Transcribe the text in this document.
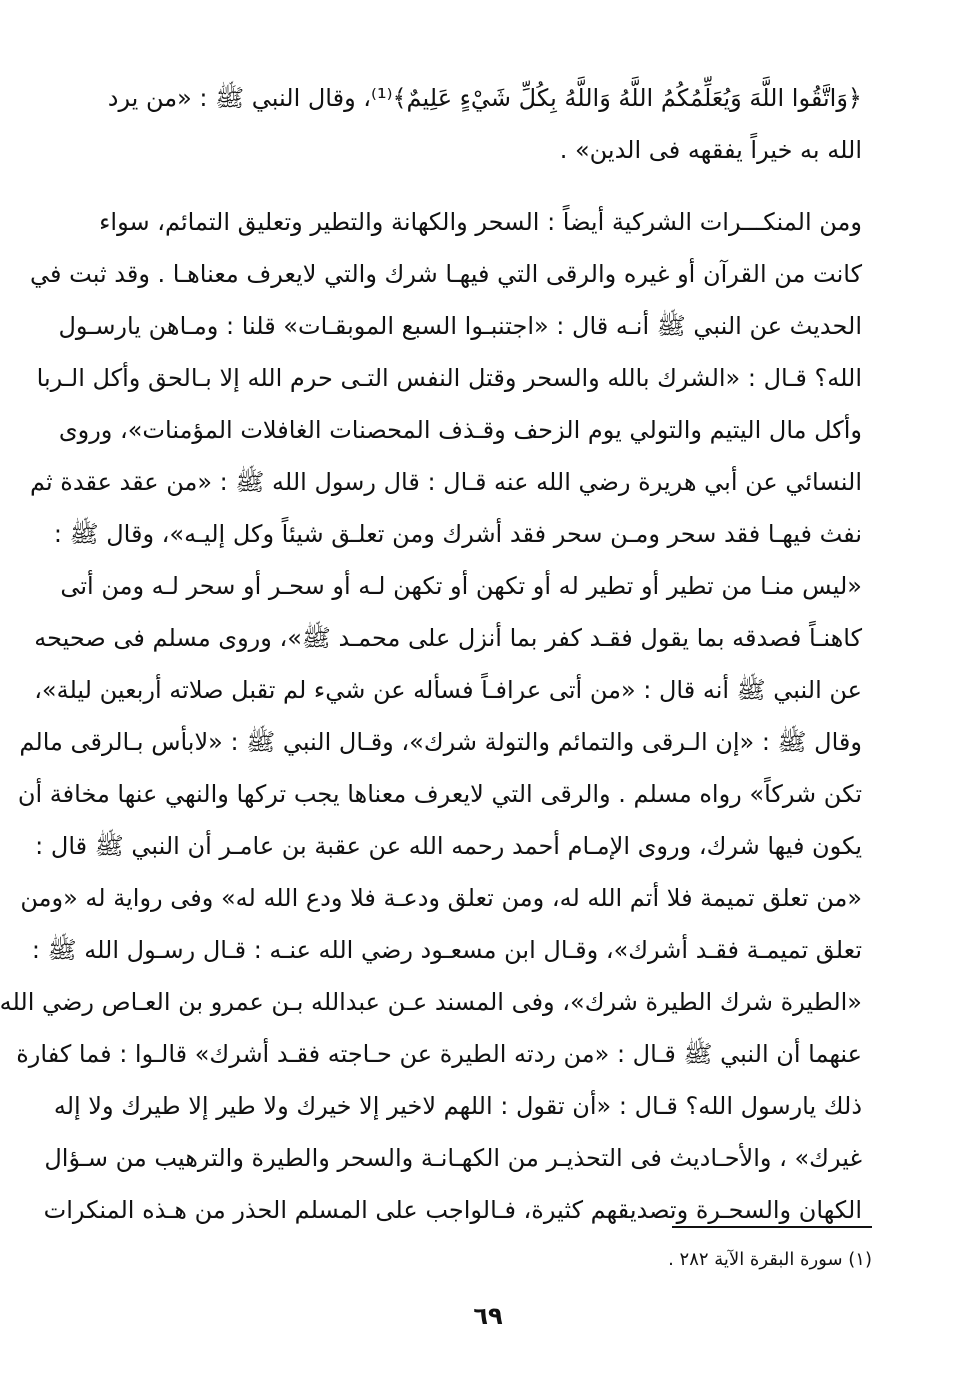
﴿وَاتَّقُوا اللَّهَ وَيُعَلِّمُكُمُ اللَّهُ وَاللَّهُ بِكُلِّ شَيْءٍ عَلِيمٌ﴾⁽¹⁾، وقال النبي ﷺ : «من يرد
الله به خيراً يفقهه فى الدين» .
ومن المنكـــرات الشركية أيضاً : السحر والكهانة والتطير وتعليق التمائم، سواء
كانت من القرآن أو غيره والرقى التي فيهـا شرك والتي لايعرف معناهـا . وقد ثبت في
الحديث عن النبي ﷺ أنـه قال : «اجتنبـوا السبع الموبقـات» قلنا : ومـاهن يارسـول
الله؟ قـال : «الشرك بالله والسحر وقتل النفس التـى حرم الله إلا بـالحق وأكل الـربا
وأكل مال اليتيم والتولي يوم الزحف وقـذف المحصنات الغافلات المؤمنات»، وروى
النسائي عن أبي هريرة رضي الله عنه قـال : قال رسول الله ﷺ : «من عقد عقدة ثم
نفث فيهـا فقد سحر ومـن سحر فقد أشرك ومن تعلـق شيئاً وكل إليـه»، وقال ﷺ :
«ليس منـا من تطير أو تطير له أو تكهن أو تكهن لـه أو سحـر أو سحر لـه ومن أتى
كاهنـاً فصدقه بما يقول فقـد كفر بما أنزل على محمـد ﷺ»، وروى مسلم فى صحيحه
عن النبي ﷺ أنه قال : «من أتى عرافـاً فسأله عن شيء لم تقبل صلاته أربعين ليلة»،
وقال ﷺ : «إن الـرقى والتمائم والتولة شرك»، وقـال النبي ﷺ : «لابأس بـالرقى مالم
تكن شركاً» رواه مسلم . والرقى التي لايعرف معناها يجب تركها والنهي عنها مخافة أن
يكون فيها شرك، وروى الإمـام أحمد رحمه الله عن عقبة بن عامـر أن النبي ﷺ قال :
«من تعلق تميمة فلا أتم الله له، ومن تعلق ودعـة فلا ودع الله له» وفى رواية له «ومن
تعلق تميمـة فقـد أشرك»، وقـال ابن مسعـود رضي الله عنـه : قـال رسـول الله ﷺ :
«الطيرة شرك الطيرة شرك»، وفى المسند عـن عبدالله بـن عمرو بن العـاص رضي الله
عنهما أن النبي ﷺ قـال : «من ردته الطيرة عن حـاجته فقـد أشرك» قالـوا : فما كفارة
ذلك يارسول الله؟ قـال : «أن تقول : اللهم لاخير إلا خيرك ولا طير إلا طيرك ولا إله
غيرك» ، والأحـاديث فى التحذيـر من الكهـانـة والسحر والطيرة والترهيب من سـؤال
الكهان والسحـرة وتصديقهم كثيرة، فـالواجب على المسلم الحذر من هـذه المنكرات
(١) سورة البقرة الآية ٢٨٢ .
٦٩
